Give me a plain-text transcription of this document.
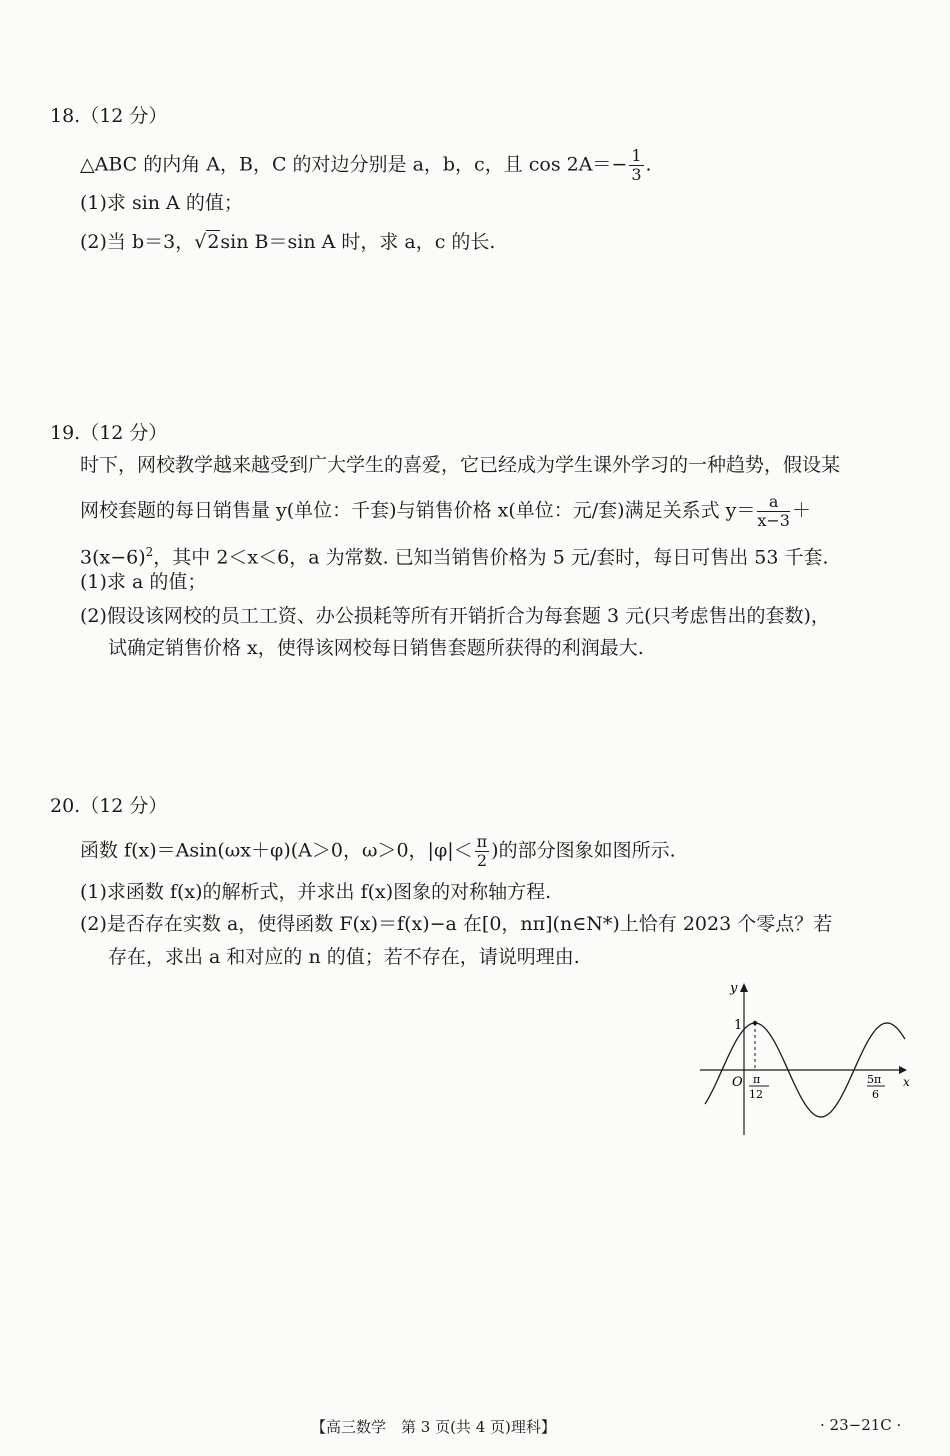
18.（12 分）
△ABC 的内角 A，B，C 的对边分别是 a，b，c，且 $\cos 2A=- \frac{1}{3}$ .
(1)求 sin A 的值；
(2)当 b＝3，√2sin B＝sin A 时，求 a，c 的长.
19.（12 分）
时下，网校教学越来越受到广大学生的喜爱，它已经成为学生课外学习的一种趋势，假设某
网校套题的每日销售量 y(单位：千套)与销售价格 x(单位：元/套)满足关系式 $y= \frac{a}{x-3}$ ＋
$3(x-6)^2$，其中 2＜x＜6，a 为常数. 已知当销售价格为 5 元/套时，每日可售出 53 千套.
(1)求 a 的值；
(2)假设该网校的员工工资、办公损耗等所有开销折合为每套题 3 元(只考虑售出的套数)，
试确定销售价格 x，使得该网校每日销售套题所获得的利润最大.
20.（12 分）
函数 f(x)＝Asin(ωx＋φ)(A＞0，ω＞0，$|\varphi|< \frac{\pi}{2}$ )的部分图象如图所示.
(1)求函数 f(x)的解析式，并求出 f(x)图象的对称轴方程.
(2)是否存在实数 a，使得函数 F(x)＝f(x)−a 在[0，nπ](n∈N*)上恰有 2023 个零点？若
存在，求出 a 和对应的 n 的值；若不存在，请说明理由.
y
x
O
1
π
12
5π
6
【高三数学　第 3 页(共 4 页)理科】	· 23−21C ·
